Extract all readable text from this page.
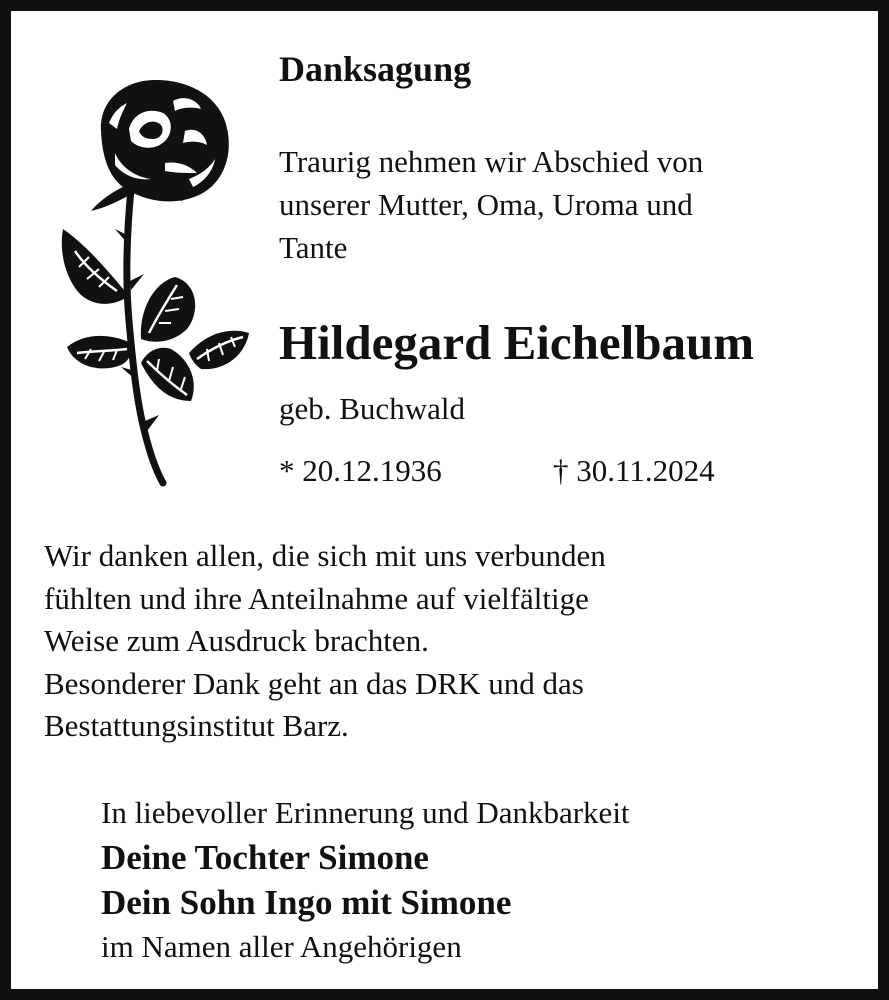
Danksagung
Traurig nehmen wir Abschied von
unserer Mutter, Oma, Uroma und
Tante
Hildegard Eichelbaum
geb. Buchwald
* 20.12.1936	† 30.11.2024
Wir danken allen, die sich mit uns verbunden
fühlten und ihre Anteilnahme auf vielfältige
Weise zum Ausdruck brachten.
Besonderer Dank geht an das DRK und das
Bestattungsinstitut Barz.
In liebevoller Erinnerung und Dankbarkeit
Deine Tochter Simone
Dein Sohn Ingo mit Simone
im Namen aller Angehörigen
